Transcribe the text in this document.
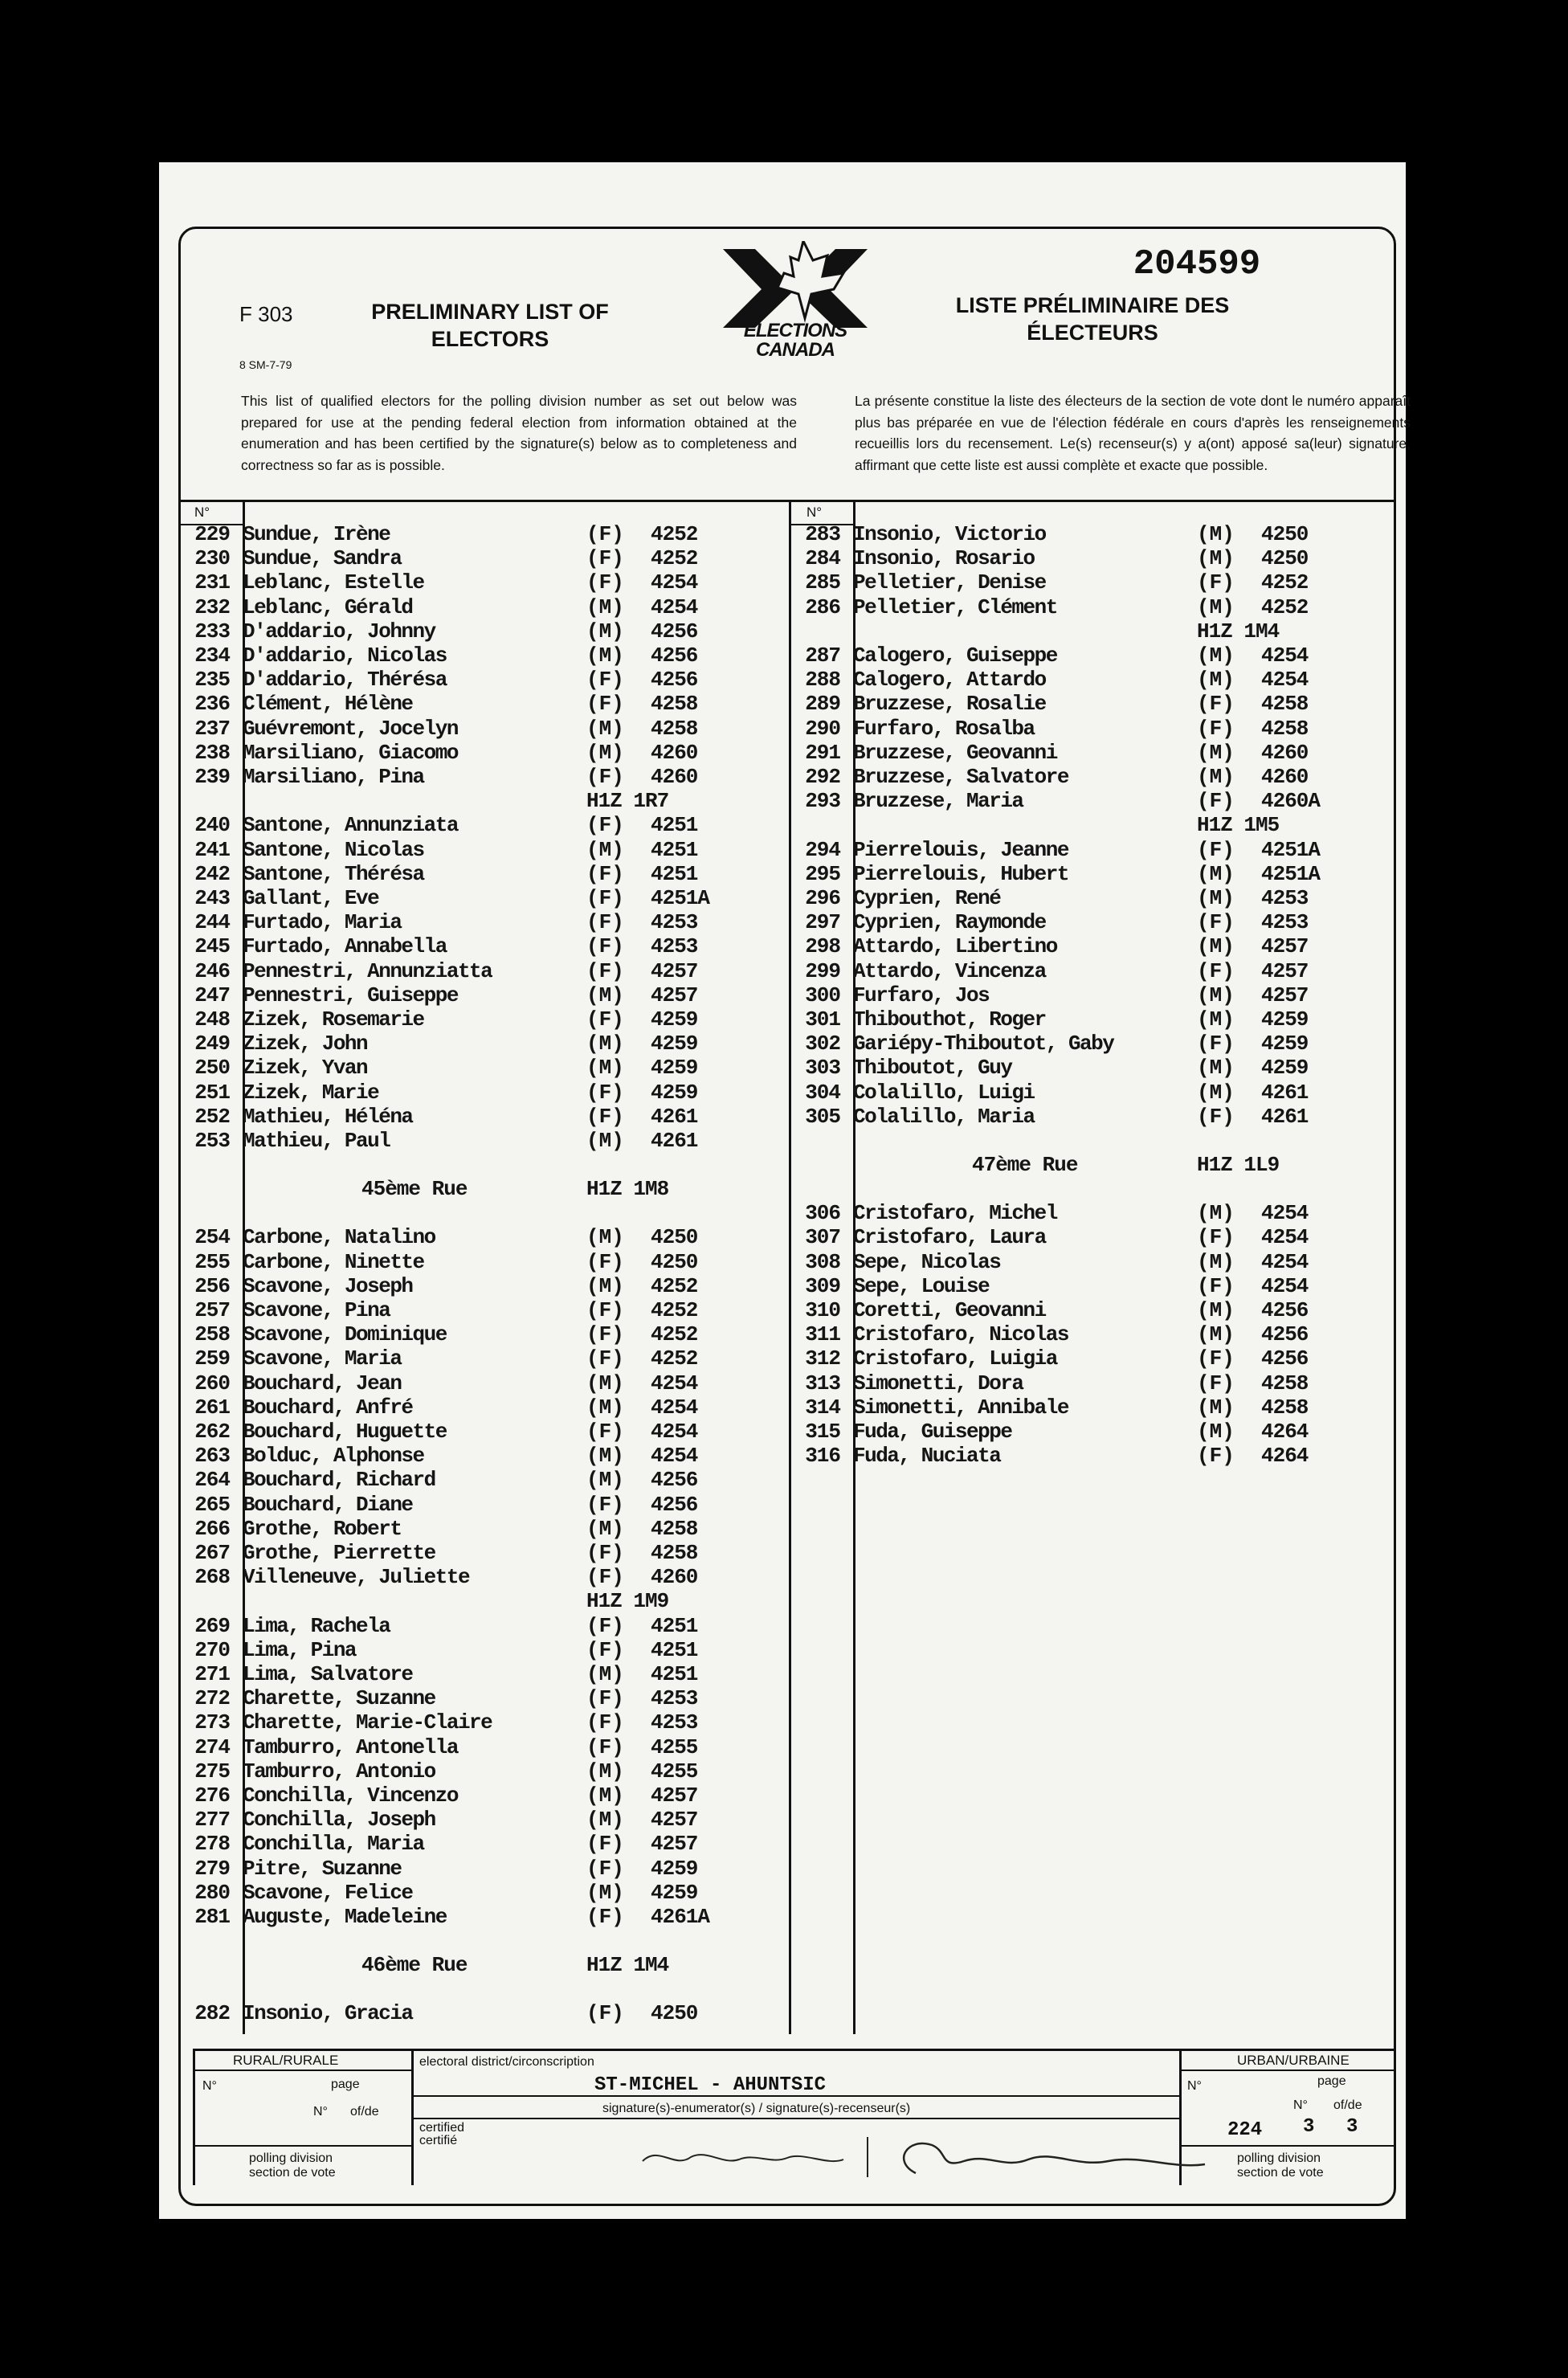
F 303
8 SM-7-79
PRELIMINARY LIST OF ELECTORS	ELECTIONS
CANADA
204599
LISTE PRÉLIMINAIRE DES ÉLECTEURS
This list of qualified electors for the polling division number as set out below was prepared for use at the pending federal election from information obtained at the enumeration and has been certified by the signature(s) below as to completeness and correctness so far as is possible.
La présente constitue la liste des électeurs de la section de vote dont le numéro apparaît plus bas préparée en vue de l'élection fédérale en cours d'après les renseignements recueillis lors du recensement. Le(s) recenseur(s) y a(ont) apposé sa(leur) signature, affirmant que cette liste est aussi complète et exacte que possible.
N°	N°
229 Sundue, Irène	(F) 4252
230 Sundue, Sandra	(F) 4252
231 Leblanc, Estelle	(F) 4254
232 Leblanc, Gérald	(M) 4254
233 D'addario, Johnny	(M) 4256
234 D'addario, Nicolas	(M) 4256
235 D'addario, Thérésa	(F) 4256
236 Clément, Hélène	(F) 4258
237 Guévremont, Jocelyn	(M) 4258
238 Marsiliano, Giacomo	(M) 4260
239 Marsiliano, Pina	(F) 4260
H1Z 1R7
240 Santone, Annunziata	(F) 4251
241 Santone, Nicolas	(M) 4251
242 Santone, Thérésa	(F) 4251
243 Gallant, Eve	(F) 4251A
244 Furtado, Maria	(F) 4253
245 Furtado, Annabella	(F) 4253
246 Pennestri, Annunziatta	(F) 4257
247 Pennestri, Guiseppe	(M) 4257
248 Zizek, Rosemarie	(F) 4259
249 Zizek, John	(M) 4259
250 Zizek, Yvan	(M) 4259
251 Zizek, Marie	(F) 4259
252 Mathieu, Héléna	(F) 4261
253 Mathieu, Paul	(M) 4261
45ème Rue	H1Z 1M8
254 Carbone, Natalino	(M) 4250
255 Carbone, Ninette	(F) 4250
256 Scavone, Joseph	(M) 4252
257 Scavone, Pina	(F) 4252
258 Scavone, Dominique	(F) 4252
259 Scavone, Maria	(F) 4252
260 Bouchard, Jean	(M) 4254
261 Bouchard, Anfré	(M) 4254
262 Bouchard, Huguette	(F) 4254
263 Bolduc, Alphonse	(M) 4254
264 Bouchard, Richard	(M) 4256
265 Bouchard, Diane	(F) 4256
266 Grothe, Robert	(M) 4258
267 Grothe, Pierrette	(F) 4258
268 Villeneuve, Juliette	(F) 4260
H1Z 1M9
269 Lima, Rachela	(F) 4251
270 Lima, Pina	(F) 4251
271 Lima, Salvatore	(M) 4251
272 Charette, Suzanne	(F) 4253
273 Charette, Marie-Claire	(F) 4253
274 Tamburro, Antonella	(F) 4255
275 Tamburro, Antonio	(M) 4255
276 Conchilla, Vincenzo	(M) 4257
277 Conchilla, Joseph	(M) 4257
278 Conchilla, Maria	(F) 4257
279 Pitre, Suzanne	(F) 4259
280 Scavone, Felice	(M) 4259
281 Auguste, Madeleine	(F) 4261A
46ème Rue	H1Z 1M4
282 Insonio, Gracia	(F) 4250
283 Insonio, Victorio	(M) 4250
284 Insonio, Rosario	(M) 4250
285 Pelletier, Denise	(F) 4252
286 Pelletier, Clément	(M) 4252
H1Z 1M4
287 Calogero, Guiseppe	(M) 4254
288 Calogero, Attardo	(M) 4254
289 Bruzzese, Rosalie	(F) 4258
290 Furfaro, Rosalba	(F) 4258
291 Bruzzese, Geovanni	(M) 4260
292 Bruzzese, Salvatore	(M) 4260
293 Bruzzese, Maria	(F) 4260A
H1Z 1M5
294 Pierrelouis, Jeanne	(F) 4251A
295 Pierrelouis, Hubert	(M) 4251A
296 Cyprien, René	(M) 4253
297 Cyprien, Raymonde	(F) 4253
298 Attardo, Libertino	(M) 4257
299 Attardo, Vincenza	(F) 4257
300 Furfaro, Jos	(M) 4257
301 Thibouthot, Roger	(M) 4259
302 Gariépy-Thiboutot, Gaby	(F) 4259
303 Thiboutot, Guy	(M) 4259
304 Colalillo, Luigi	(M) 4261
305 Colalillo, Maria	(F) 4261
47ème Rue	H1Z 1L9
306 Cristofaro, Michel	(M) 4254
307 Cristofaro, Laura	(F) 4254
308 Sepe, Nicolas	(M) 4254
309 Sepe, Louise	(F) 4254
310 Coretti, Geovanni	(M) 4256
311 Cristofaro, Nicolas	(M) 4256
312 Cristofaro, Luigia	(F) 4256
313 Simonetti, Dora	(F) 4258
314 Simonetti, Annibale	(M) 4258
315 Fuda, Guiseppe	(M) 4264
316 Fuda, Nuciata	(F) 4264
RURAL/RURALE
N°	page
N° of/de
polling division
section de vote
electoral district/circonscription
ST-MICHEL - AHUNTSIC
certified
certifié
signature(s)-enumerator(s) / signature(s)-recenseur(s)
URBAN/URBAINE
N°	page
N° of/de
224 3 3
polling division
section de vote
